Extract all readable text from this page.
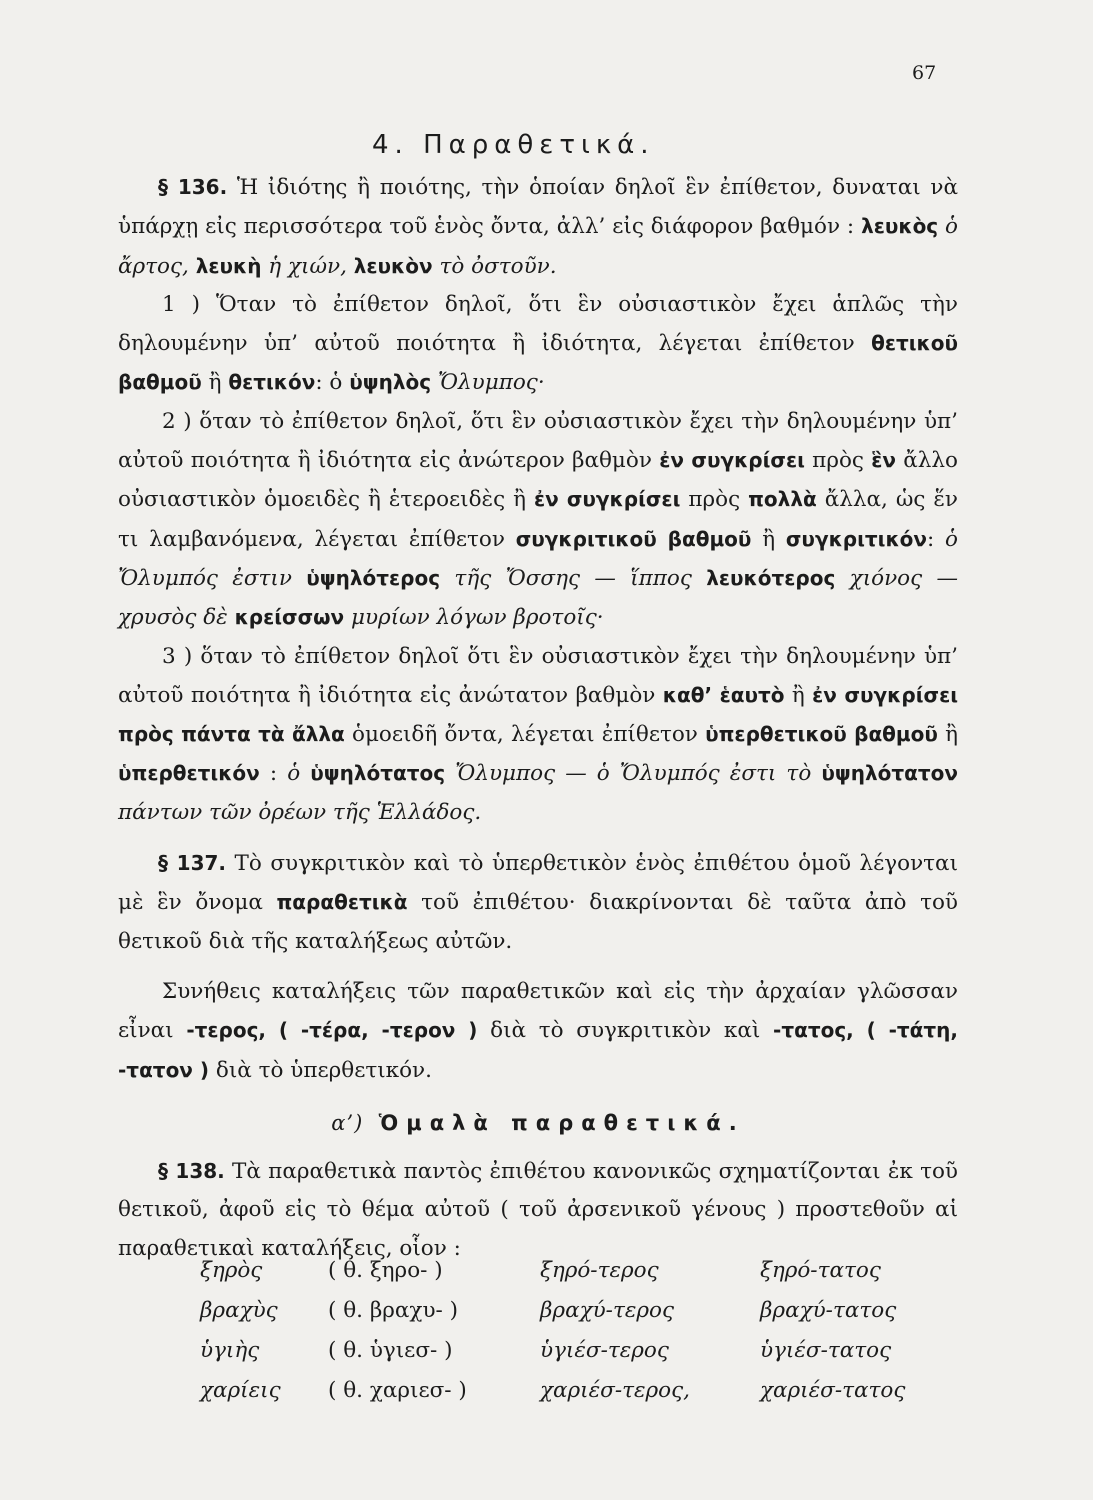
67
4. Παραθετικά.

§ 136. Ἡ ἰδιότης ἢ ποιότης, τὴν ὁποίαν δηλοῖ ἓν ἐπίθετον, δυναται νὰ ὑπάρχῃ εἰς περισσότερα τοῦ ἑνὸς ὄντα, ἀλλ’ εἰς διάφορον βαθμόν : λευκὸς ὁ ἄρτος, λευκὴ ἡ χιών, λευκὸν τὸ ὀστοῦν.

1 ) Ὅταν τὸ ἐπίθετον δηλοῖ, ὅτι ἓν οὐσιαστικὸν ἔχει ἁπλῶς τὴν δηλουμένην ὑπ’ αὐτοῦ ποιότητα ἢ ἰδιότητα, λέγεται ἐπίθετον θετικοῦ βαθμοῦ ἢ θετικόν: ὁ ὑψηλὸς Ὄλυμπος·

2 ) ὅταν τὸ ἐπίθετον δηλοῖ, ὅτι ἓν οὐσιαστικὸν ἔχει τὴν δηλουμένην ὑπ’ αὐτοῦ ποιότητα ἢ ἰδιότητα εἰς ἀνώτερον βαθμὸν ἐν συγκρίσει πρὸς ἓν ἄλλο οὐσιαστικὸν ὁμοειδὲς ἢ ἑτεροειδὲς ἢ ἐν συγκρίσει πρὸς πολλὰ ἄλλα, ὡς ἕν τι λαμβανόμενα, λέγεται ἐπίθετον συγκριτικοῦ βαθμοῦ ἢ συγκριτικόν: ὁ Ὄλυμπός ἐστιν ὑψηλότερος τῆς Ὄσσης — ἵππος λευκότερος χιόνος — χρυσὸς δὲ κρείσσων μυρίων λόγων βροτοῖς·

3 ) ὅταν τὸ ἐπίθετον δηλοῖ ὅτι ἓν οὐσιαστικὸν ἔχει τὴν δηλουμένην ὑπ’ αὐτοῦ ποιότητα ἢ ἰδιότητα εἰς ἀνώτατον βαθμὸν καθ’ ἑαυτὸ ἢ ἐν συγκρίσει πρὸς πάντα τὰ ἄλλα ὁμοειδῆ ὄντα, λέγεται ἐπίθετον ὑπερθετικοῦ βαθμοῦ ἢ ὑπερθετικόν : ὁ ὑψηλότατος Ὄλυμπος — ὁ Ὄλυμπός ἐστι τὸ ὑψηλότατον πάντων τῶν ὀρέων τῆς Ἑλλάδος.

§ 137. Τὸ συγκριτικὸν καὶ τὸ ὑπερθετικὸν ἑνὸς ἐπιθέτου ὁμοῦ λέγονται μὲ ἓν ὄνομα παραθετικὰ τοῦ ἐπιθέτου· διακρίνονται δὲ ταῦτα ἀπὸ τοῦ θετικοῦ διὰ τῆς καταλήξεως αὐτῶν.

Συνήθεις καταλήξεις τῶν παραθετικῶν καὶ εἰς τὴν ἀρχαίαν γλῶσσαν εἶναι -τερος, ( -τέρα, -τερον ) διὰ τὸ συγκριτικὸν καὶ -τατος, ( -τάτη, -τατον ) διὰ τὸ ὑπερθετικόν.

α’) Ὁμαλὰ παραθετικά.

§ 138. Τὰ παραθετικὰ παντὸς ἐπιθέτου κανονικῶς σχηματίζονται ἐκ τοῦ θετικοῦ, ἀφοῦ εἰς τὸ θέμα αὐτοῦ ( τοῦ ἀρσενικοῦ γένους ) προστεθοῦν αἱ παραθετικαὶ καταλήξεις, οἷον :

ξηρὸς	( θ. ξηρο- )	ξηρό-τερος	ξηρό-τατος
βραχὺς	( θ. βραχυ- )	βραχύ-τερος	βραχύ-τατος
ὑγιὴς	( θ. ὑγιεσ- )	ὑγιέσ-τερος	ὑγιέσ-τατος
χαρίεις	( θ. χαριεσ- )	χαριέσ-τερος,	χαριέσ-τατος
